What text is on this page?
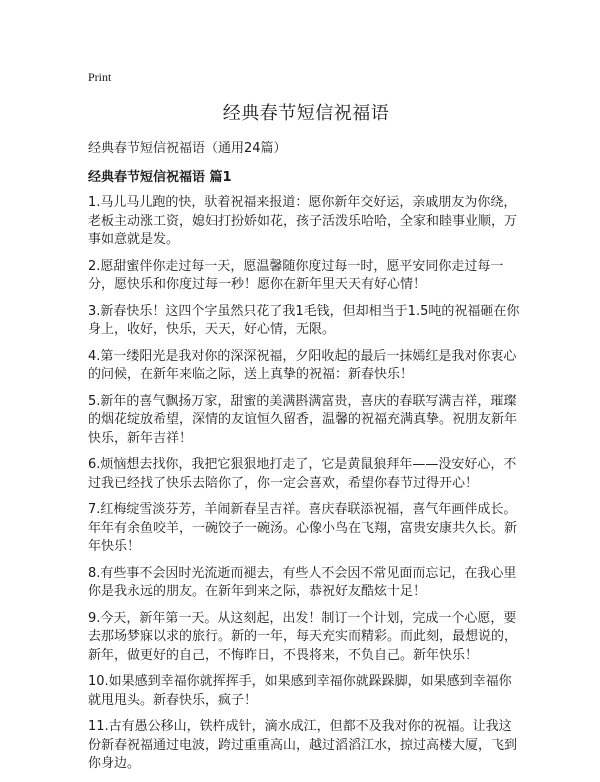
Print
经典春节短信祝福语
经典春节短信祝福语（通用24篇）
经典春节短信祝福语 篇1

1.马儿马儿跑的快，驮着祝福来报道：愿你新年交好运，亲戚朋友为你绕，老板主动涨工资，媳妇打扮娇如花，孩子活泼乐哈哈，全家和睦事业顺，万事如意就是发。

2.愿甜蜜伴你走过每一天，愿温馨随你度过每一时，愿平安同你走过每一分，愿快乐和你度过每一秒！愿你在新年里天天有好心情！

3.新春快乐！这四个字虽然只花了我1毛钱，但却相当于1.5吨的祝福砸在你身上，收好，快乐，天天，好心情，无限。

4.第一缕阳光是我对你的深深祝福，夕阳收起的最后一抹嫣红是我对你衷心的问候，在新年来临之际，送上真挚的祝福：新春快乐！

5.新年的喜气飘扬万家，甜蜜的美满斟满富贵，喜庆的春联写满吉祥，璀璨的烟花绽放希望，深情的友谊恒久留香，温馨的祝福充满真挚。祝朋友新年快乐，新年吉祥！

6.烦恼想去找你，我把它狠狠地打走了，它是黄鼠狼拜年——没安好心，不过我已经找了快乐去陪你了，你一定会喜欢，希望你春节过得开心！

7.红梅绽雪淡芬芳，羊闹新春呈吉祥。喜庆春联添祝福，喜气年画伴成长。年年有余鱼咬羊，一碗饺子一碗汤。心像小鸟在飞翔，富贵安康共久长。新年快乐！

8.有些事不会因时光流逝而褪去，有些人不会因不常见面而忘记，在我心里你是我永远的朋友。在新年到来之际，恭祝好友酷炫十足！

9.今天，新年第一天。从这刻起，出发！制订一个计划，完成一个心愿，要去那场梦寐以求的旅行。新的一年，每天充实而精彩。而此刻，最想说的，新年，做更好的自己，不悔昨日，不畏将来，不负自己。新年快乐！

10.如果感到幸福你就挥挥手，如果感到幸福你就跺跺脚，如果感到幸福你就甩甩头。新春快乐，疯子！

11.古有愚公移山，铁杵成针，滴水成江，但都不及我对你的祝福。让我这份新春祝福通过电波，跨过重重高山，越过滔滔江水，掠过高楼大厦，飞到你身边。
